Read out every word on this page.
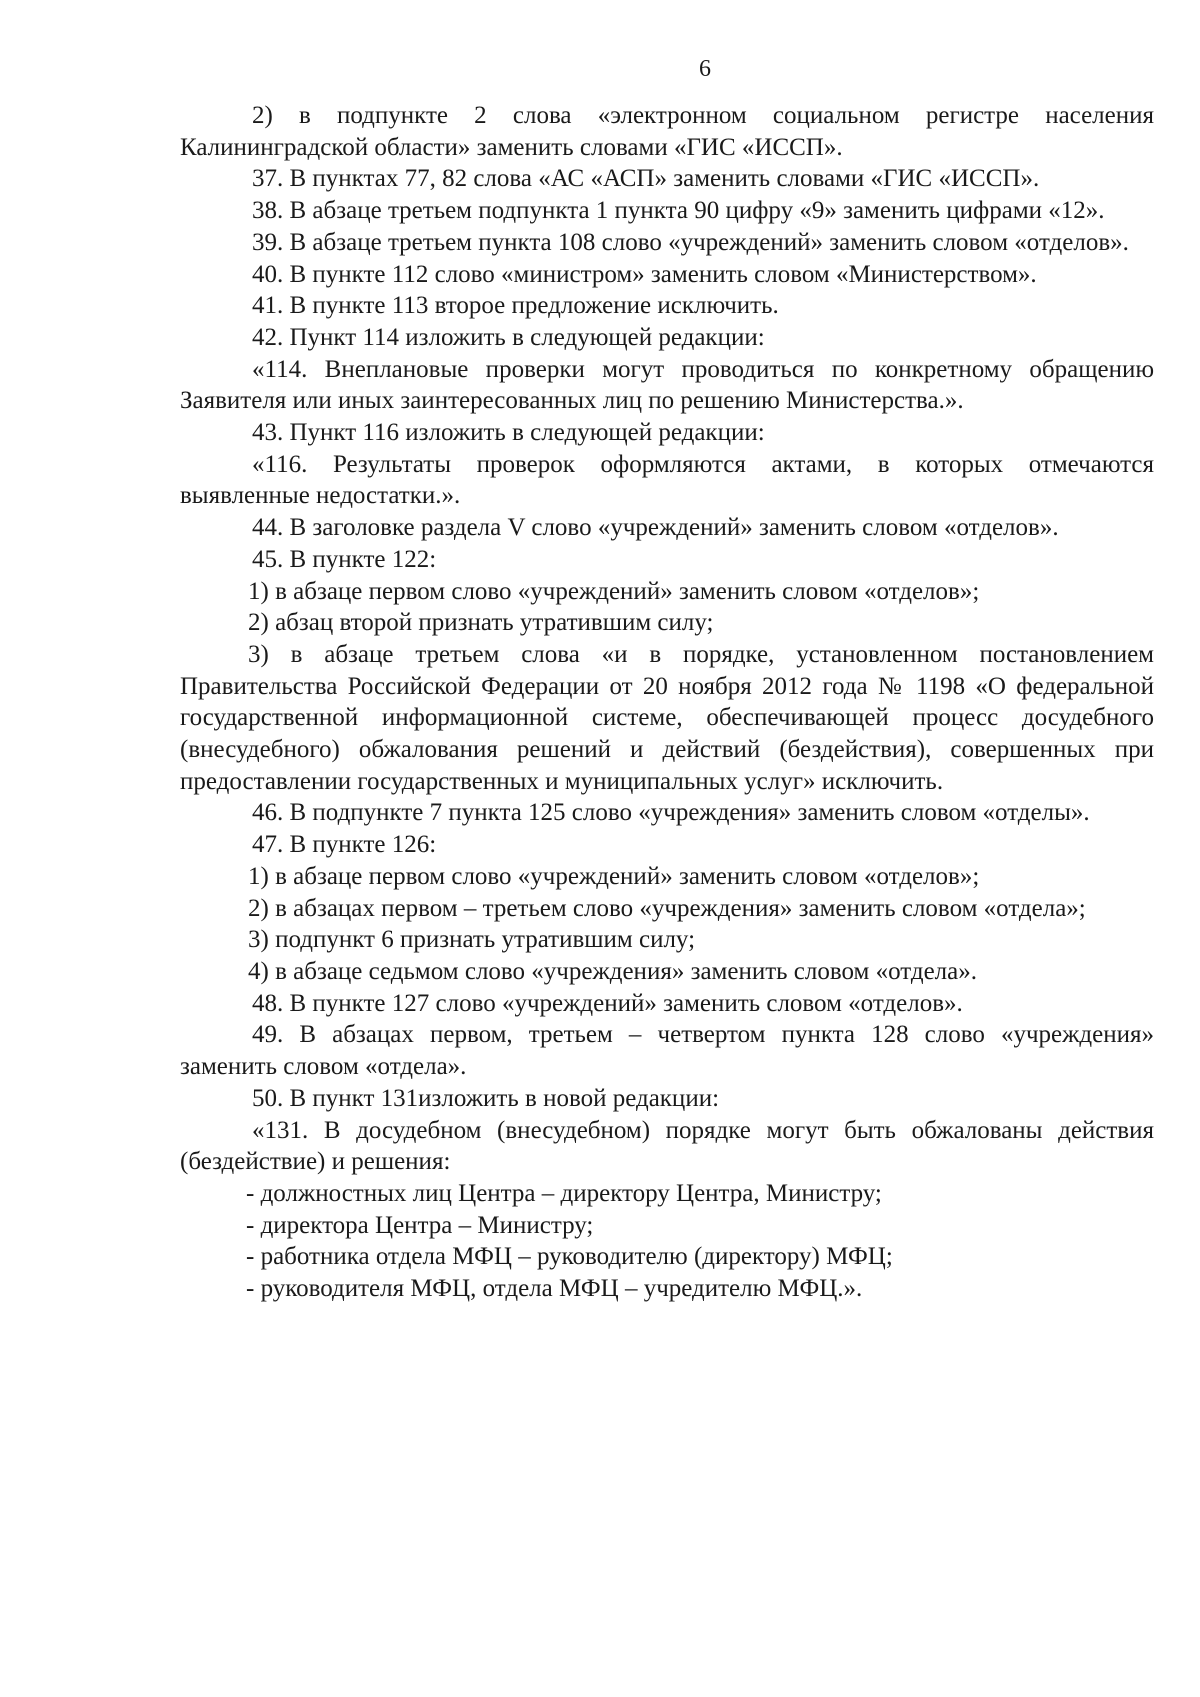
6

2) в подпункте 2 слова «электронном социальном регистре населения Калининградской области» заменить словами «ГИС «ИССП».

37. В пунктах 77, 82 слова «АС «АСП» заменить словами «ГИС «ИССП».

38. В абзаце третьем подпункта 1 пункта 90 цифру «9» заменить цифрами «12».

39. В абзаце третьем пункта 108 слово «учреждений» заменить словом «отделов».

40. В пункте 112 слово «министром» заменить словом «Министерством».

41. В пункте 113 второе предложение исключить.

42. Пункт 114 изложить в следующей редакции:

«114. Внеплановые проверки могут проводиться по конкретному обращению Заявителя или иных заинтересованных лиц по решению Министерства.».

43. Пункт 116 изложить в следующей редакции:

«116. Результаты проверок оформляются актами, в которых отмечаются выявленные недостатки.».

44. В заголовке раздела V слово «учреждений» заменить словом «отделов».

45. В пункте 122:

1) в абзаце первом слово «учреждений» заменить словом «отделов»;

2) абзац второй признать утратившим силу;

3) в абзаце третьем слова «и в порядке, установленном постановлением Правительства Российской Федерации от 20 ноября 2012 года № 1198 «О федеральной государственной информационной системе, обеспечивающей процесс досудебного (внесудебного) обжалования решений и действий (бездействия), совершенных при предоставлении государственных и муниципальных услуг» исключить.

46. В подпункте 7 пункта 125 слово «учреждения» заменить словом «отделы».

47. В пункте 126:

1) в абзаце первом слово «учреждений» заменить словом «отделов»;

2) в абзацах первом – третьем слово «учреждения» заменить словом «отдела»;

3) подпункт 6 признать утратившим силу;

4) в абзаце седьмом слово «учреждения» заменить словом «отдела».

48. В пункте 127 слово «учреждений» заменить словом «отделов».

49. В абзацах первом, третьем – четвертом пункта 128 слово «учреждения» заменить словом «отдела».

50. В пункт 131изложить в новой редакции:

«131. В досудебном (внесудебном) порядке могут быть обжалованы действия (бездействие) и решения:

- должностных лиц Центра – директору Центра, Министру;

- директора Центра – Министру;

- работника отдела МФЦ – руководителю (директору) МФЦ;

- руководителя МФЦ, отдела МФЦ – учредителю МФЦ.».
